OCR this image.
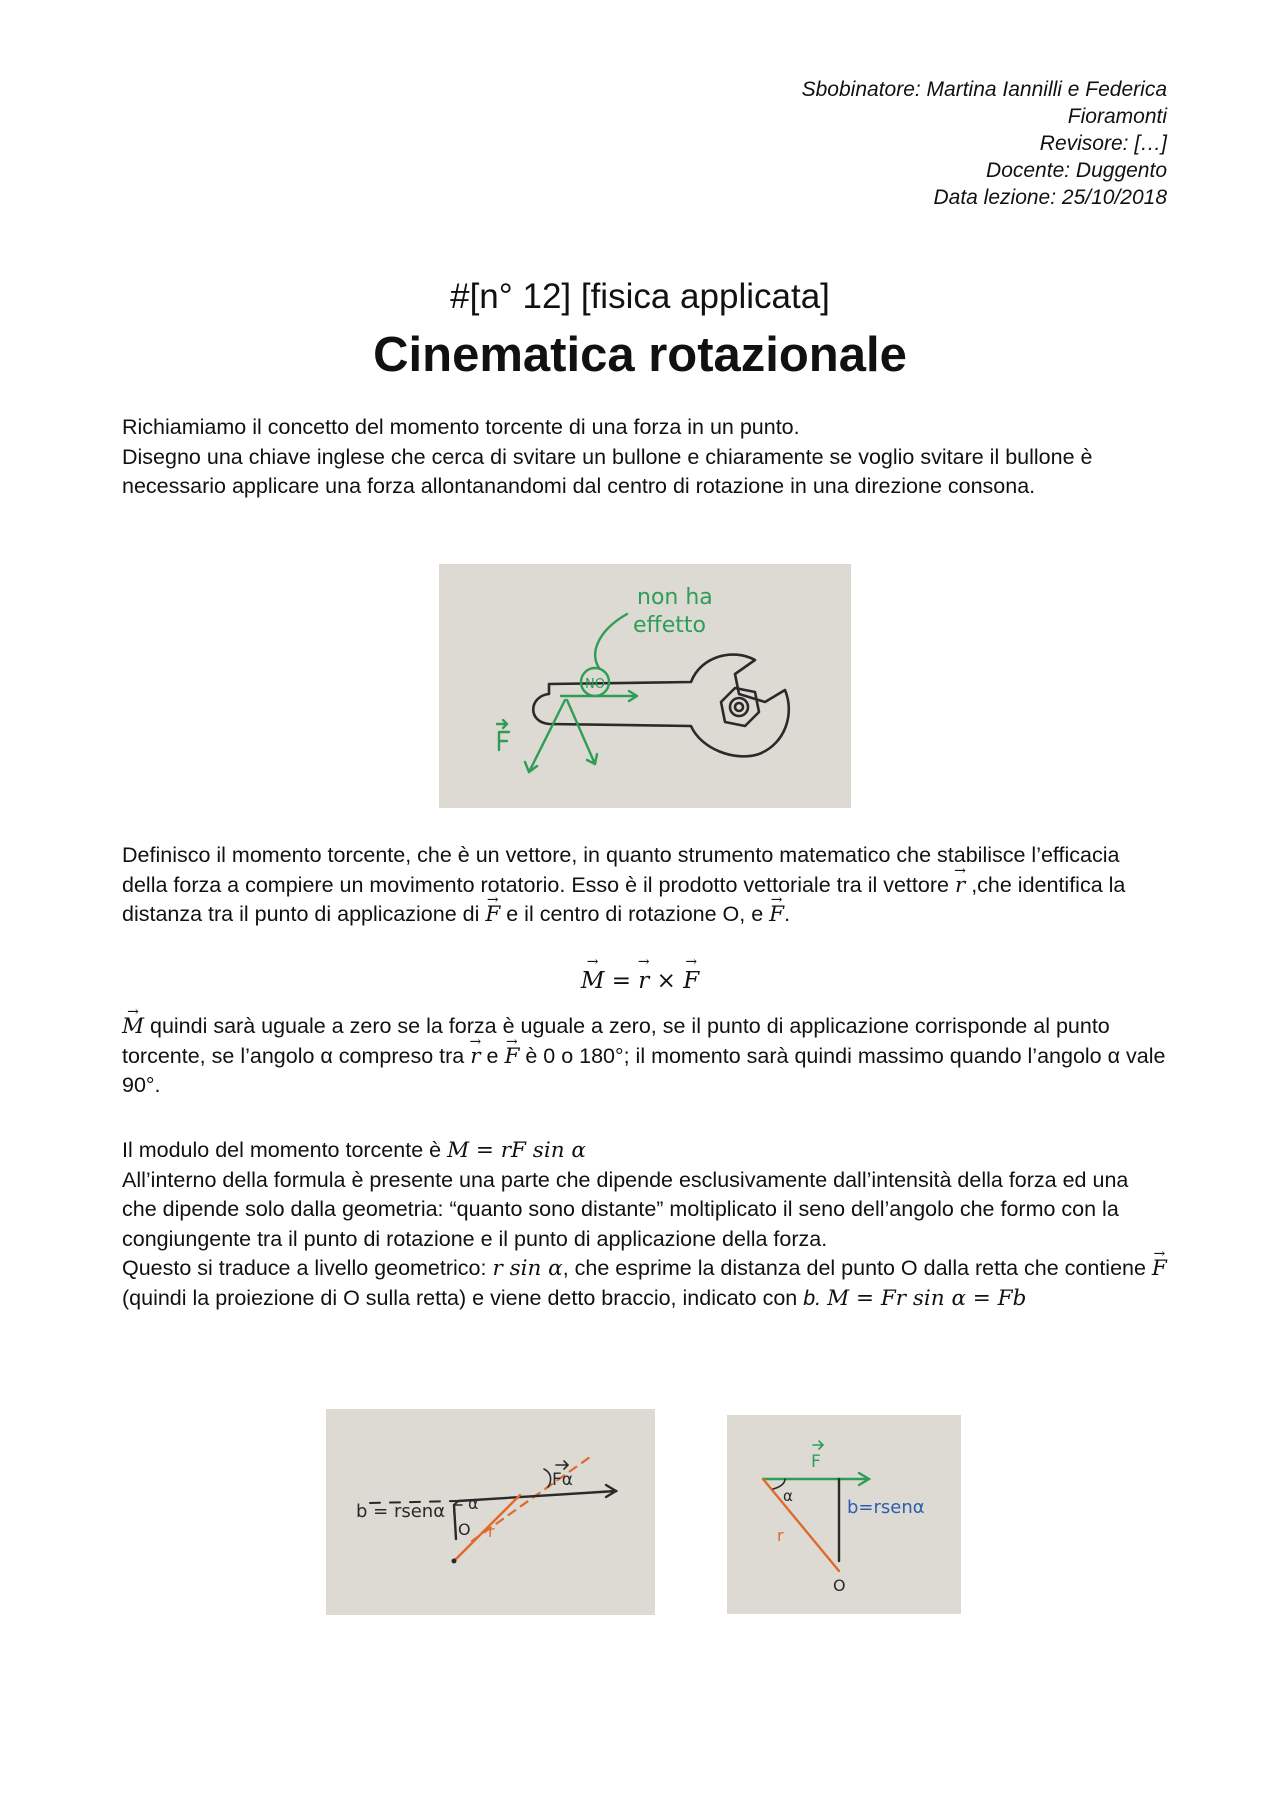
Sbobinatore: Martina Iannilli e Federica
Fioramonti
Revisore: […]
Docente: Duggento
Data lezione: 25/10/2018
#[n° 12] [fisica applicata]
Cinematica rotazionale

Richiamiamo il concetto del momento torcente di una forza in un punto.

Disegno una chiave inglese che cerca di svitare un bullone e chiaramente se voglio svitare il bullone è necessario applicare una forza allontanandomi dal centro di rotazione in una direzione consona.

non ha
effetto
NO

Definisco il momento torcente, che è un vettore, in quanto strumento matematico che stabilisce l’efficacia della forza a compiere un movimento rotatorio. Esso è il prodotto vettoriale tra il vettore → r ,che identifica la distanza tra il punto di applicazione di → F e il centro di rotazione O, e → F.

→ M = → r × → F

→ M quindi sarà uguale a zero se la forza è uguale a zero, se il punto di applicazione corrisponde al punto torcente, se l’angolo α compreso tra → r e → F è 0 o 180°; il momento sarà quindi massimo quando l’angolo α vale 90°.

Il modulo del momento torcente è M = rF sin α

All’interno della formula è presente una parte che dipende esclusivamente dall’intensità della forza ed una che dipende solo dalla geometria: “quanto sono distante” moltiplicato il seno dell’angolo che formo con la congiungente tra il punto di rotazione e il punto di applicazione della forza.

Questo si traduce a livello geometrico: r sin α, che esprime la distanza del punto O dalla retta che contiene → F (quindi la proiezione di O sulla retta) e viene detto braccio, indicato con b. M = Fr sin α = Fb

b = rsenα α
O r
Fα
F
α
r
b=rsenα
O
